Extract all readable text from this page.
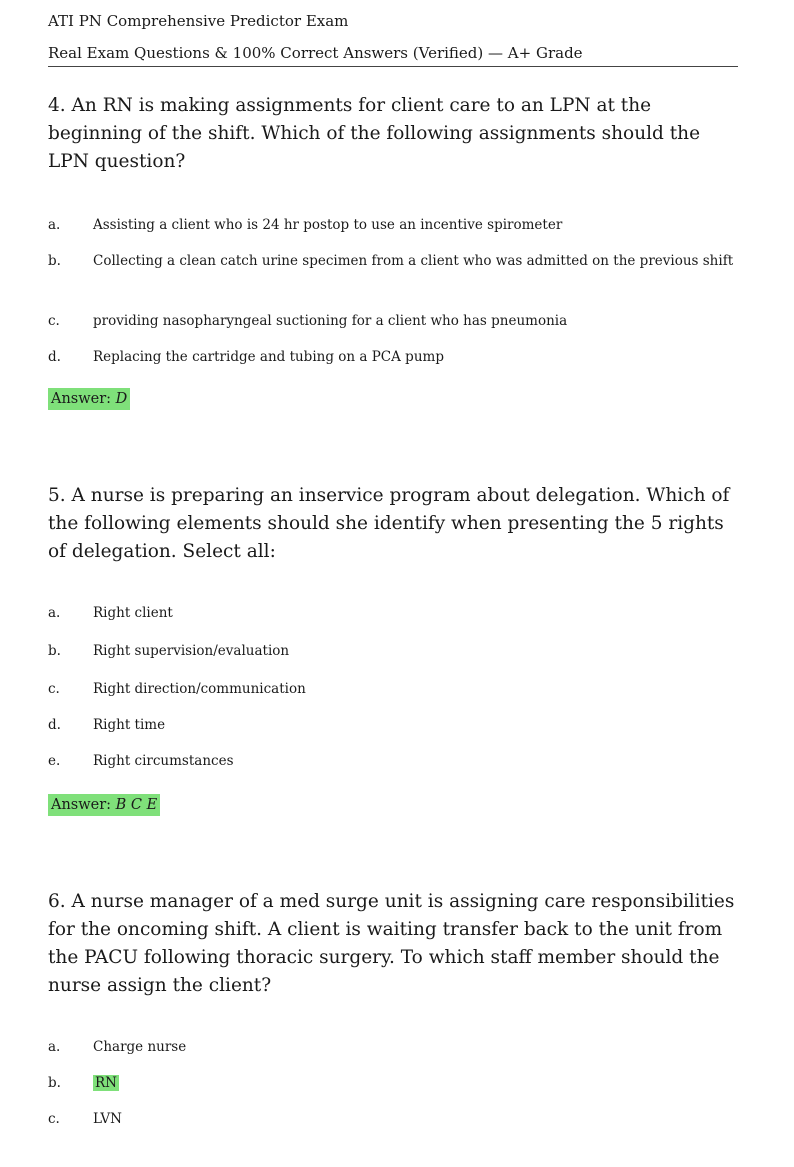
ATI PN Comprehensive Predictor Exam
Real Exam Questions & 100% Correct Answers (Verified) — A+ Grade

4. An RN is making assignments for client care to an LPN at the beginning of the shift. Which of the following assignments should the LPN question?

a.	Assisting a client who is 24 hr postop to use an incentive spirometer
b.	Collecting a clean catch urine specimen from a client who was admitted on the previous shift
c.	providing nasopharyngeal suctioning for a client who has pneumonia
d.	Replacing the cartridge and tubing on a PCA pump
Answer: D

5. A nurse is preparing an inservice program about delegation. Which of the following elements should she identify when presenting the 5 rights of delegation. Select all:

a.	Right client
b.	Right supervision/evaluation
c.	Right direction/communication
d.	Right time
e.	Right circumstances
Answer: B C E

6. A nurse manager of a med surge unit is assigning care responsibilities for the oncoming shift. A client is waiting transfer back to the unit from the PACU following thoracic surgery. To which staff member should the nurse assign the client?

a.	Charge nurse
b.	RN
c.	LVN
